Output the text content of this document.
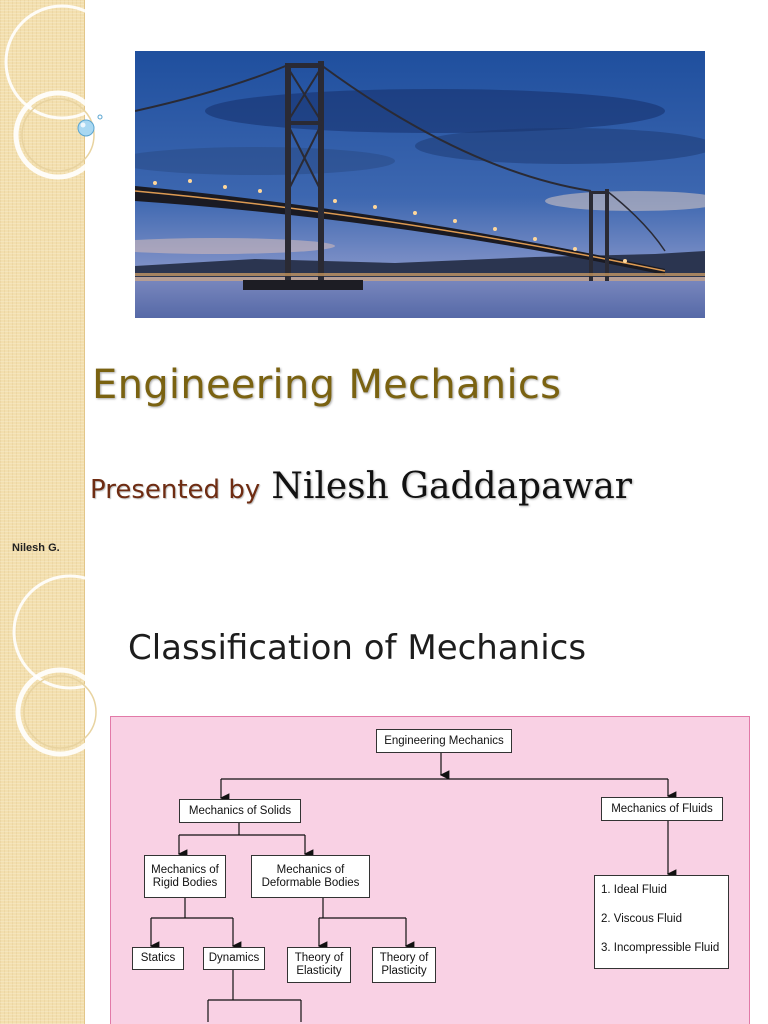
Engineering Mechanics
Presented by Nilesh Gaddapawar
Nilesh G.
Classification of Mechanics
Engineering Mechanics
Mechanics of Solids	Mechanics of Fluids
Mechanics of
Rigid Bodies
Mechanics of
Deformable Bodies
1. Ideal Fluid
2. Viscous Fluid
3. Incompressible Fluid
Statics	Dynamics	Theory of
Elasticity
Theory of
Plasticity
